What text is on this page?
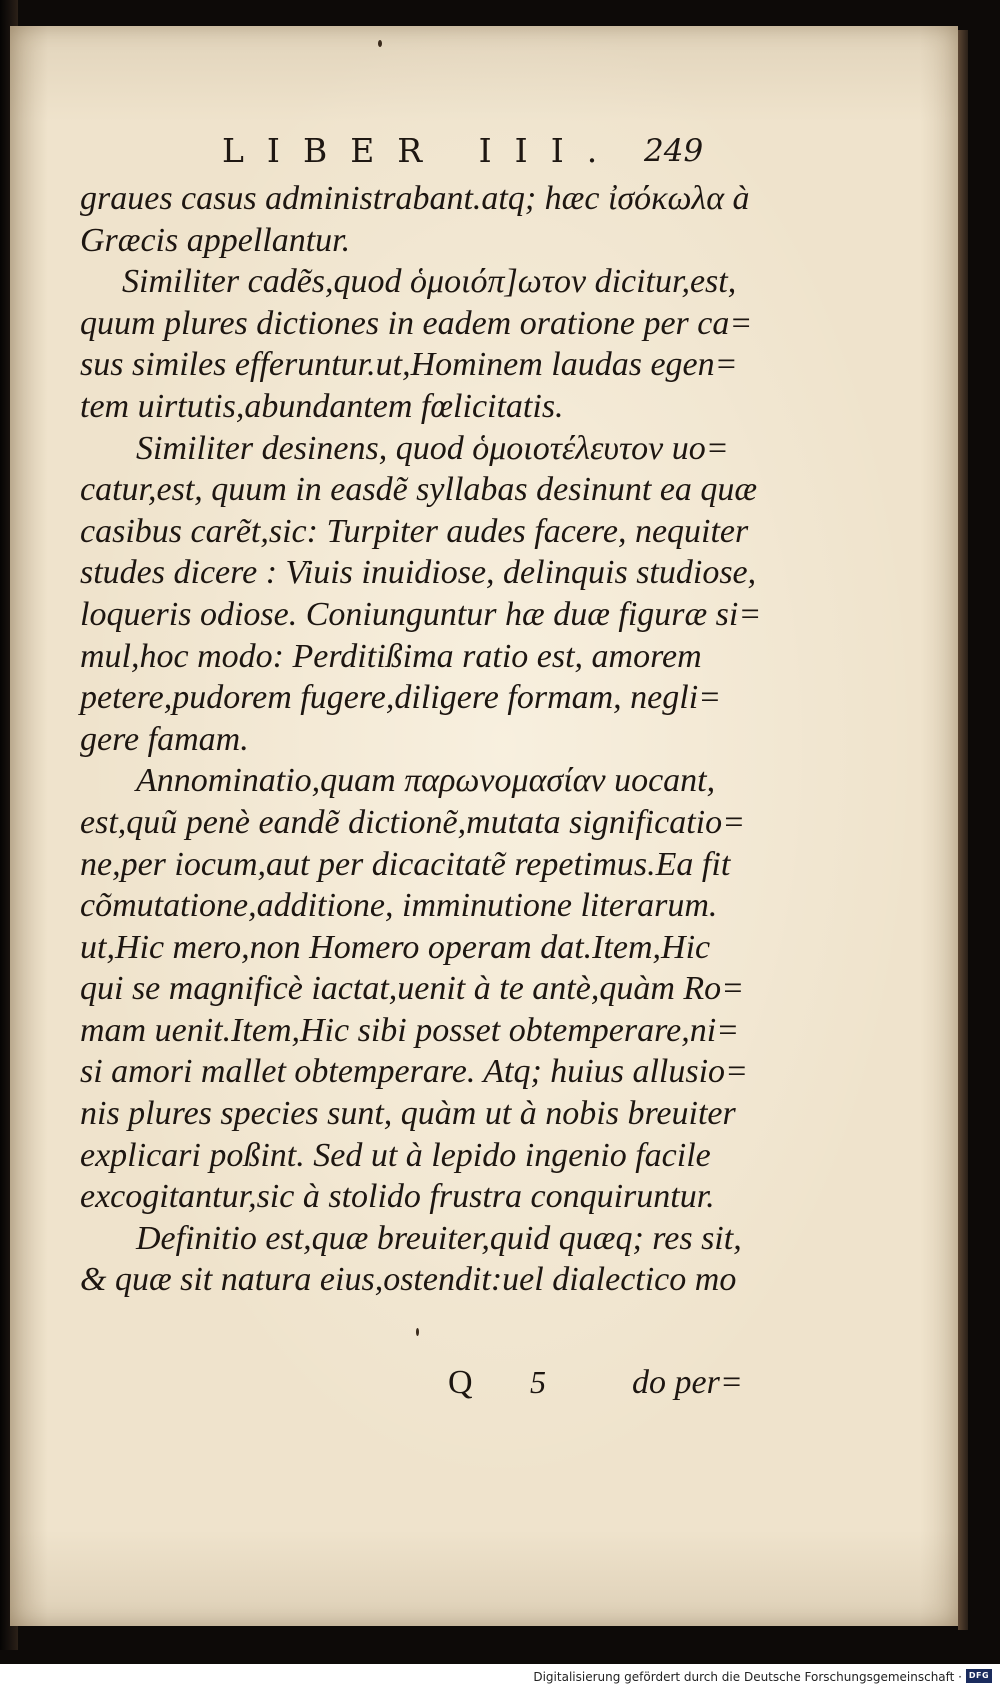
LIBER III. 249
graues casus administrabant.atq; hæc ἰσόκωλα à
Græcis appellantur.
Similiter cadẽs,quod ὁμοιόπ]ωτον dicitur,est,
quum plures dictiones in eadem oratione per ca=
sus similes efferuntur.ut,Hominem laudas egen=
tem uirtutis,abundantem fœlicitatis.
Similiter desinens, quod ὁμοιοτέλευτον uo=
catur,est, quum in easdẽ syllabas desinunt ea quæ
casibus carẽt,sic: Turpiter audes facere, nequiter
studes dicere : Viuis inuidiose, delinquis studiose,
loqueris odiose. Coniunguntur hæ duæ figuræ si=
mul,hoc modo: Perditißima ratio est, amorem
petere,pudorem fugere,diligere formam, negli=
gere famam.
Annominatio,quam παρωνομασίαν uocant,
est,quũ penè eandẽ dictionẽ,mutata significatio=
ne,per iocum,aut per dicacitatẽ repetimus.Ea fit
cõmutatione,additione, imminutione literarum.
ut,Hic mero,non Homero operam dat.Item,Hic
qui se magnificè iactat,uenit à te antè,quàm Ro=
mam uenit.Item,Hic sibi posset obtemperare,ni=
si amori mallet obtemperare. Atq; huius allusio=
nis plures species sunt, quàm ut à nobis breuiter
explicari poßint. Sed ut à lepido ingenio facile
excogitantur,sic à stolido frustra conquiruntur.
Definitio est,quæ breuiter,quid quæq; res sit,
& quæ sit natura eius,ostendit:uel dialectico mo
Q 5	do per=
Digitalisierung gefördert durch die Deutsche Forschungsgemeinschaft · DFG
